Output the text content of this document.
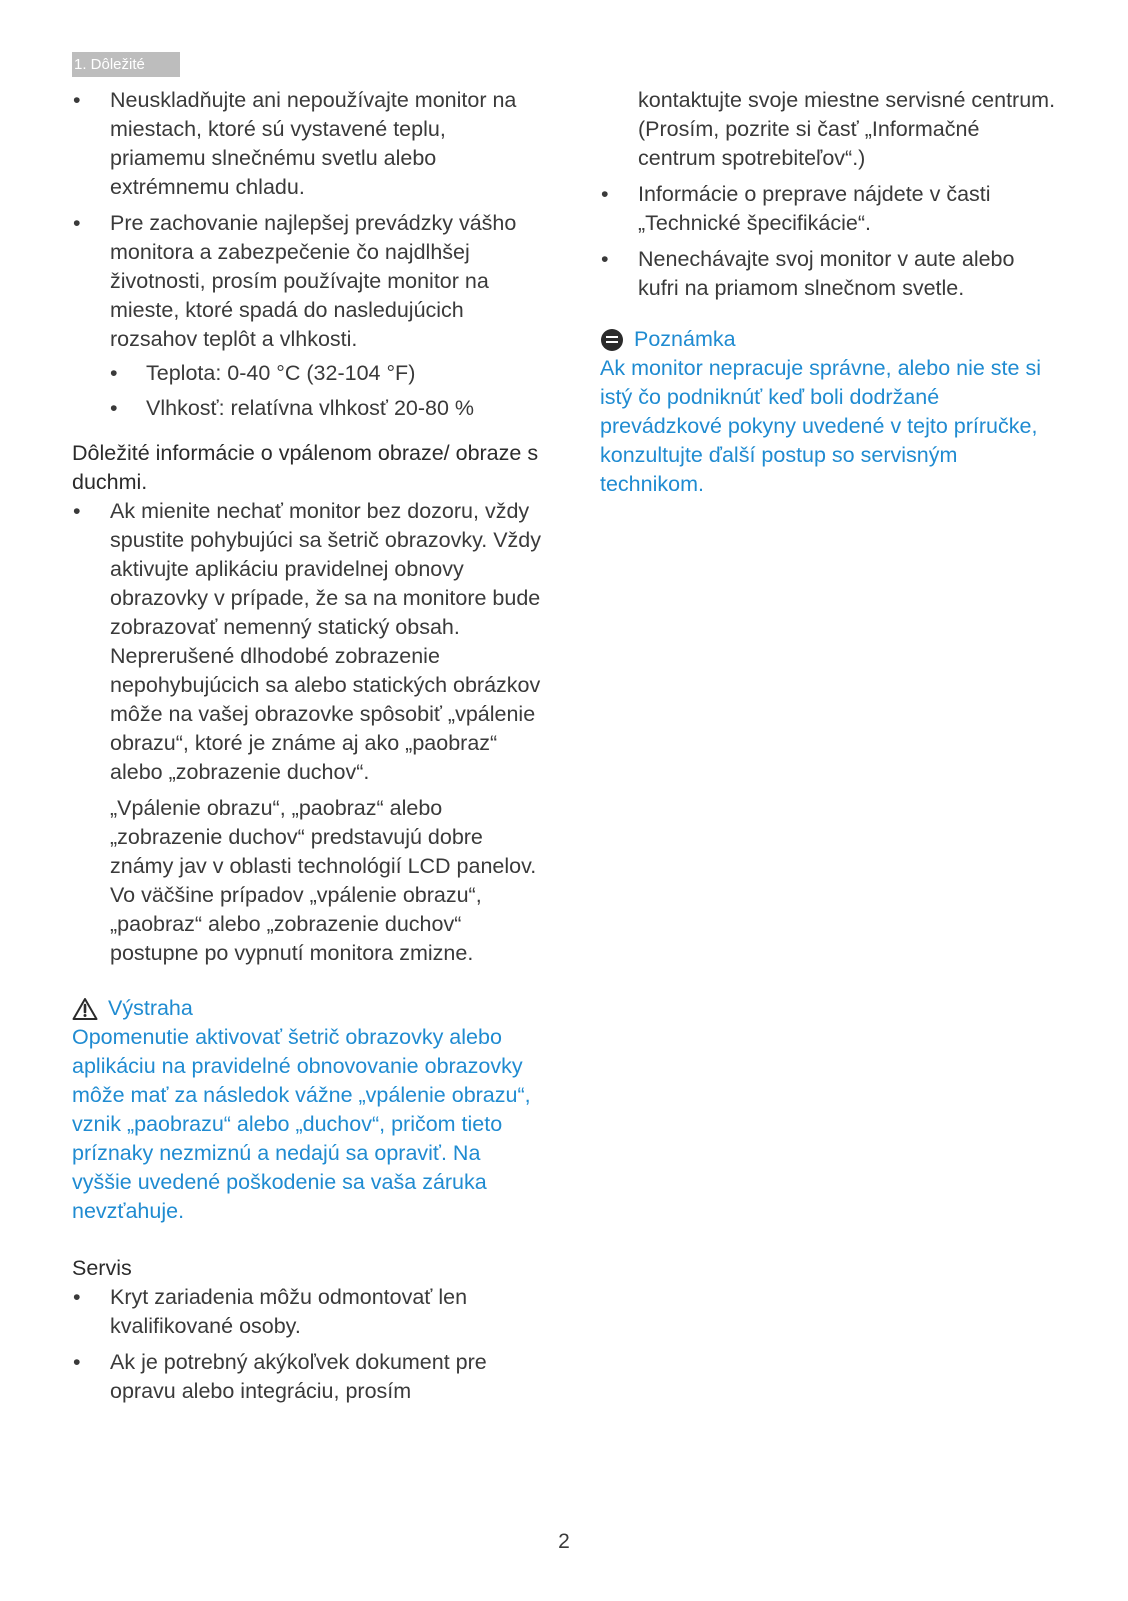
1. Dôležité
• Neuskladňujte ani nepoužívajte monitor na miestach, ktoré sú vystavené teplu, priamemu slnečnému svetlu alebo extrémnemu chladu.
• Pre zachovanie najlepšej prevádzky vášho monitora a zabezpečenie čo najdlhšej životnosti, prosím používajte monitor na mieste, ktoré spadá do nasledujúcich rozsahov teplôt a vlhkosti.
• Teplota: 0-40 °C (32-104 °F)
• Vlhkosť: relatívna vlhkosť 20-80 %
Dôležité informácie o vpálenom obraze/ obraze s duchmi.
• Ak mienite nechať monitor bez dozoru, vždy spustite pohybujúci sa šetrič obrazovky. Vždy aktivujte aplikáciu pravidelnej obnovy obrazovky v prípade, že sa na monitore bude zobrazovať nemenný statický obsah. Neprerušené dlhodobé zobrazenie nepohybujúcich sa alebo statických obrázkov môže na vašej obrazovke spôsobiť „vpálenie obrazu“, ktoré je známe aj ako „paobraz“ alebo „zobrazenie duchov“.

„Vpálenie obrazu“, „paobraz“ alebo „zobrazenie duchov“ predstavujú dobre známy jav v oblasti technológií LCD panelov. Vo väčšine prípadov „vpálenie obrazu“, „paobraz“ alebo „zobrazenie duchov“ postupne po vypnutí monitora zmizne.

Výstraha

Opomenutie aktivovať šetrič obrazovky alebo aplikáciu na pravidelné obnovovanie obrazovky môže mať za následok vážne „vpálenie obrazu“, vznik „paobrazu“ alebo „duchov“, pričom tieto príznaky nezmiznú a nedajú sa opraviť. Na vyššie uvedené poškodenie sa vaša záruka nevzťahuje.

Servis
• Kryt zariadenia môžu odmontovať len kvalifikované osoby.
• Ak je potrebný akýkoľvek dokument pre opravu alebo integráciu, prosím

kontaktujte svoje miestne servisné centrum. (Prosím, pozrite si časť „Informačné centrum spotrebiteľov“.)

• Informácie o preprave nájdete v časti „Technické špecifikácie“.
• Nenechávajte svoj monitor v aute alebo kufri na priamom slnečnom svetle.
Poznámka

Ak monitor nepracuje správne, alebo nie ste si istý čo podniknúť keď boli dodržané prevádzkové pokyny uvedené v tejto príručke, konzultujte ďalší postup so servisným technikom.

2
